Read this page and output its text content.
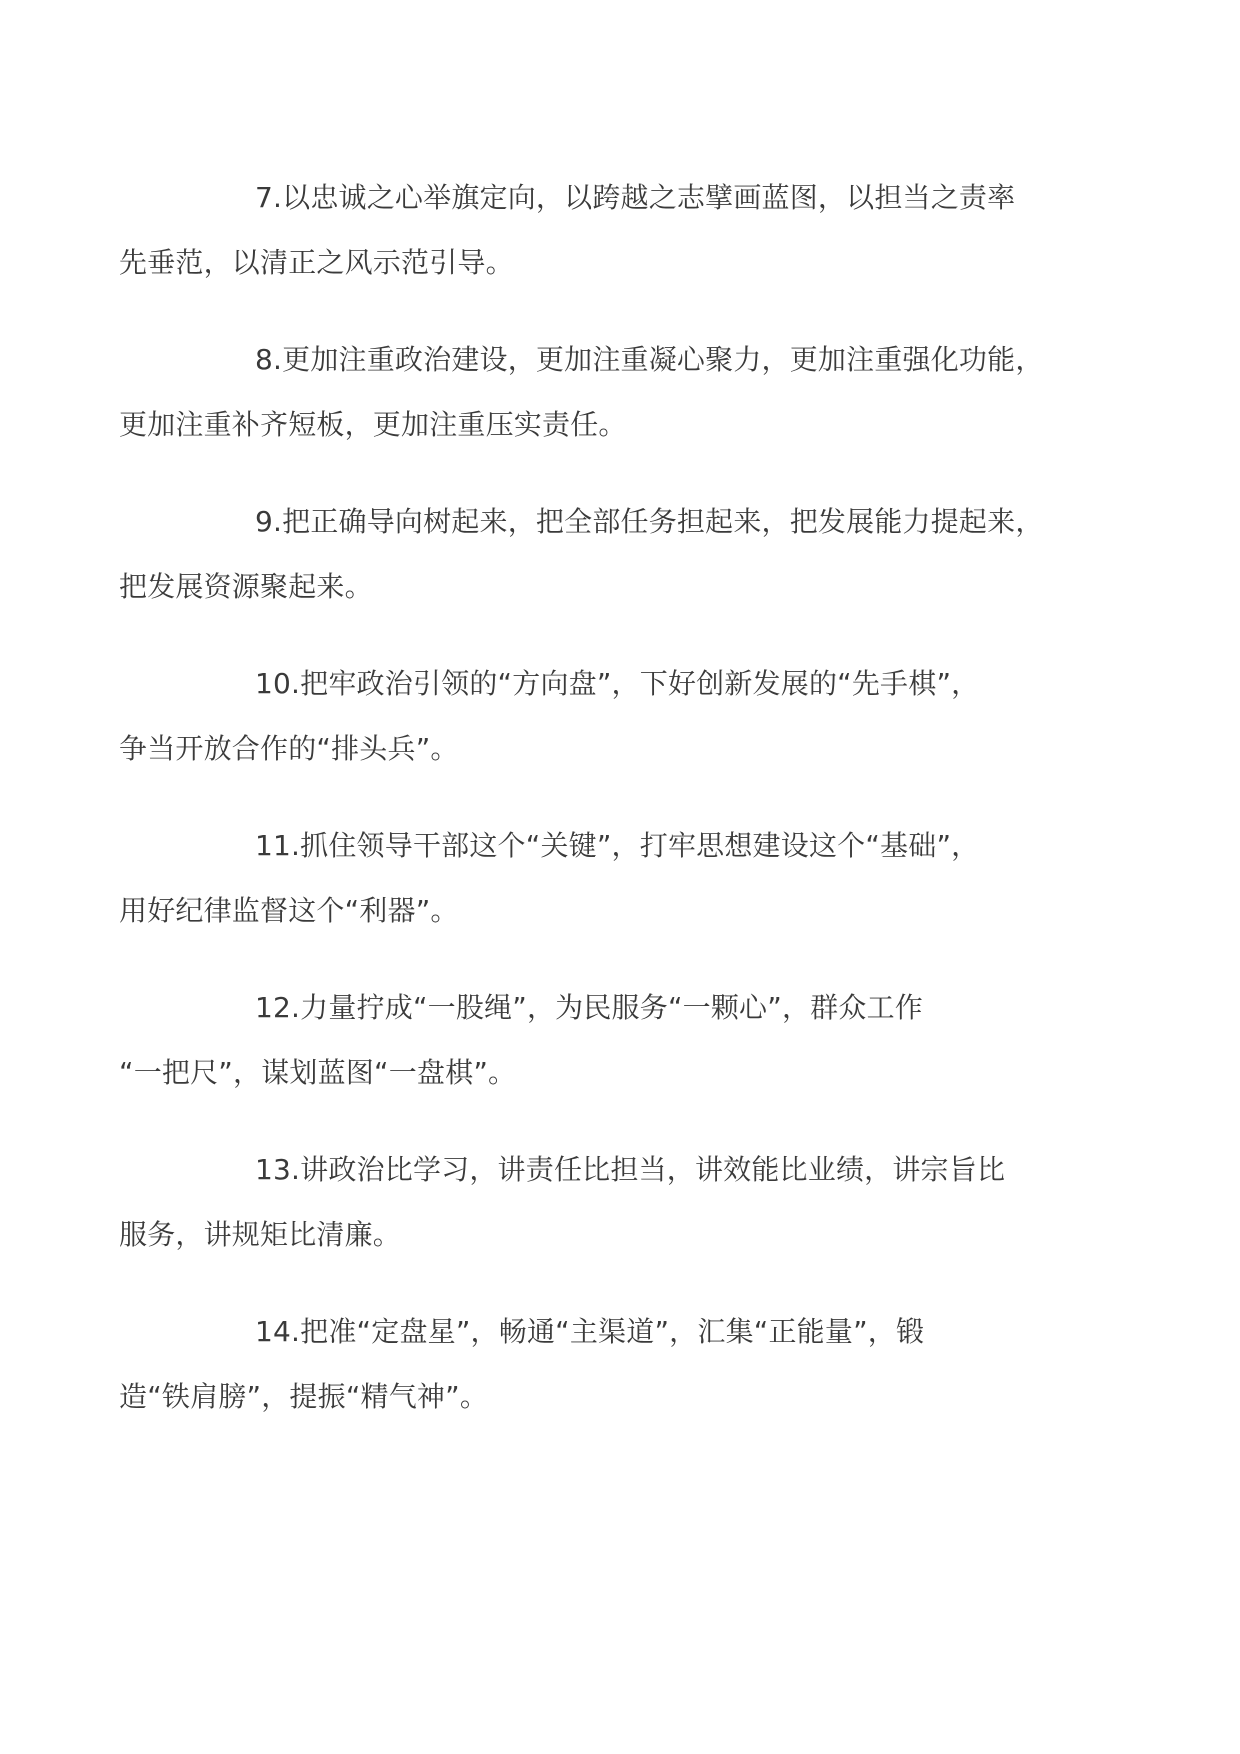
7.以忠诚之心举旗定向，以跨越之志擘画蓝图，以担当之责率
先垂范，以清正之风示范引导。

8.更加注重政治建设，更加注重凝心聚力，更加注重强化功能，
更加注重补齐短板，更加注重压实责任。

9.把正确导向树起来，把全部任务担起来，把发展能力提起来，
把发展资源聚起来。

10.把牢政治引领的“方向盘”，下好创新发展的“先手棋”，
争当开放合作的“排头兵”。

11.抓住领导干部这个“关键”，打牢思想建设这个“基础”，
用好纪律监督这个“利器”。

12.力量拧成“一股绳”，为民服务“一颗心”，群众工作
“一把尺”，谋划蓝图“一盘棋”。

13.讲政治比学习，讲责任比担当，讲效能比业绩，讲宗旨比
服务，讲规矩比清廉。

14.把准“定盘星”，畅通“主渠道”，汇集“正能量”，锻
造“铁肩膀”，提振“精气神”。
